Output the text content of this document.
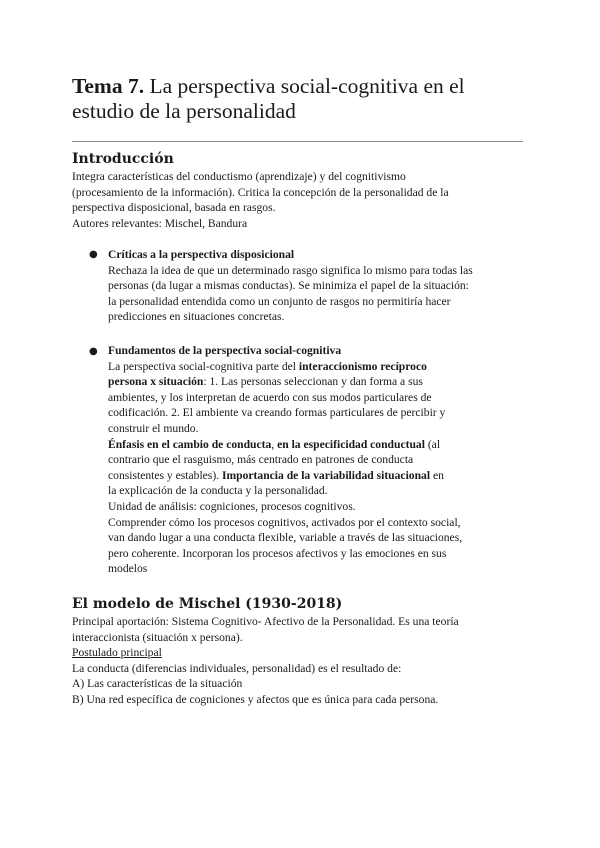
Tema 7. La perspectiva social-cognitiva en el
estudio de la personalidad
Introducción
Integra características del conductismo (aprendizaje) y del cognitivismo
(procesamiento de la información). Critica la concepción de la personalidad de la
perspectiva disposicional, basada en rasgos.
Autores relevantes: Mischel, Bandura
● Críticas a la perspectiva disposicional
Rechaza la idea de que un determinado rasgo significa lo mismo para todas las
personas (da lugar a mismas conductas). Se minimiza el papel de la situación:
la personalidad entendida como un conjunto de rasgos no permitiría hacer
predicciones en situaciones concretas.
● Fundamentos de la perspectiva social-cognitiva
La perspectiva social-cognitiva parte del interaccionismo recíproco
persona x situación: 1. Las personas seleccionan y dan forma a sus
ambientes, y los interpretan de acuerdo con sus modos particulares de
codificación. 2. El ambiente va creando formas particulares de percibir y
construir el mundo.
Énfasis en el cambio de conducta, en la especificidad conductual (al
contrario que el rasguismo, más centrado en patrones de conducta
consistentes y estables). Importancia de la variabilidad situacional en
la explicación de la conducta y la personalidad.
Unidad de análisis: cogniciones, procesos cognitivos.
Comprender cómo los procesos cognitivos, activados por el contexto social,
van dando lugar a una conducta flexible, variable a través de las situaciones,
pero coherente. Incorporan los procesos afectivos y las emociones en sus
modelos
El modelo de Mischel (1930-2018)
Principal aportación: Sistema Cognitivo- Afectivo de la Personalidad. Es una teoría
interaccionista (situación x persona).
Postulado principal
La conducta (diferencias individuales, personalidad) es el resultado de:
A) Las características de la situación
B) Una red específica de cogniciones y afectos que es única para cada persona.
